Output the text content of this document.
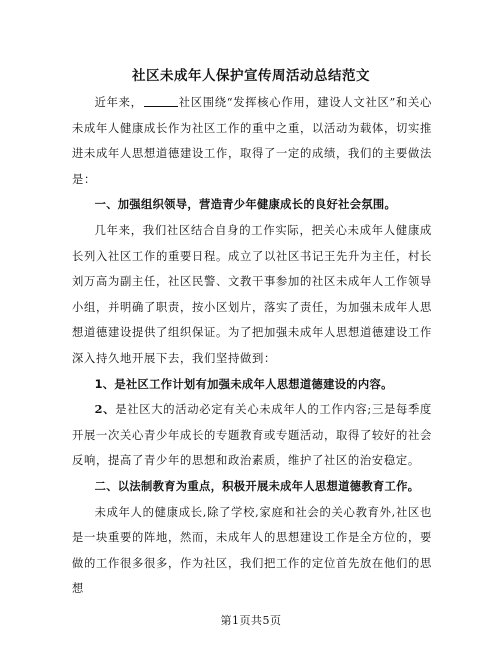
社区未成年人保护宣传周活动总结范文

近年来，	社区围绕“发挥核心作用，建设人文社区”和关心未成年人健康成长作为社区工作的重中之重，以活动为载体，切实推进未成年人思想道德建设工作，取得了一定的成绩，我们的主要做法是：

一、加强组织领导，营造青少年健康成长的良好社会氛围。

几年来，我们社区结合自身的工作实际，把关心未成年人健康成长列入社区工作的重要日程。成立了以社区书记王先升为主任，村长刘万高为副主任，社区民警、文教干事参加的社区未成年人工作领导小组，并明确了职责，按小区划片，落实了责任，为加强未成年人思想道德建设提供了组织保证。为了把加强未成年人思想道德建设工作深入持久地开展下去，我们坚持做到：

1、是社区工作计划有加强未成年人思想道德建设的内容。

2、是社区大的活动必定有关心未成年人的工作内容;三是每季度开展一次关心青少年成长的专题教育或专题活动，取得了较好的社会反响，提高了青少年的思想和政治素质，维护了社区的治安稳定。

二、以法制教育为重点，积极开展未成年人思想道德教育工作。

未成年人的健康成长,除了学校,家庭和社会的关心教育外,社区也是一块重要的阵地，然而，未成年人的思想建设工作是全方位的，要做的工作很多很多，作为社区，我们把工作的定位首先放在他们的思想

第1页共5页
